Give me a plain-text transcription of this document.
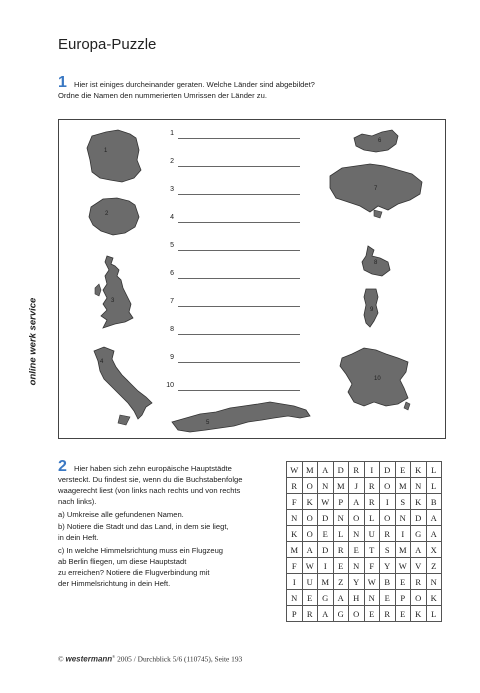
Europa-Puzzle
1 Hier ist einiges durcheinander geraten. Welche Länder sind abgebildet?
Ordne die Namen den nummerierten Umrissen der Länder zu.
1
2
3
4
5
6
7
8
9
10
1
2
3
4
5
6
7
8
9
10
online werk service
2 Hier haben sich zehn europäische Hauptstädte
versteckt. Du findest sie, wenn du die Buchstabenfolge
waagerecht liest (von links nach rechts und von rechts
nach links).
a) Umkreise alle gefundenen Namen.
b) Notiere die Stadt und das Land, in dem sie liegt,
in dein Heft.
c) In welche Himmelsrichtung muss ein Flugzeug
ab Berlin fliegen, um diese Hauptstadt
zu erreichen? Notiere die Flugverbindung mit
der Himmelsrichtung in dein Heft.
W	M	A	D	R	I	D	E	K	L
R	O	N	M	J	R	O	M	N	L
F	K	W	P	A	R	I	S	K	B
N	O	D	N	O	L	O	N	D	A
K	O	E	L	N	U	R	I	G	A
M	A	D	R	E	T	S	M	A	X
F	W	I	E	N	F	Y	W	V	Z
I	U	M	Z	Y	W	B	E	R	N
N	E	G	A	H	N	E	P	O	K
P	R	A	G	O	E	R	E	K	L
© westermann® 2005 / Durchblick 5/6 (110745), Seite 193
